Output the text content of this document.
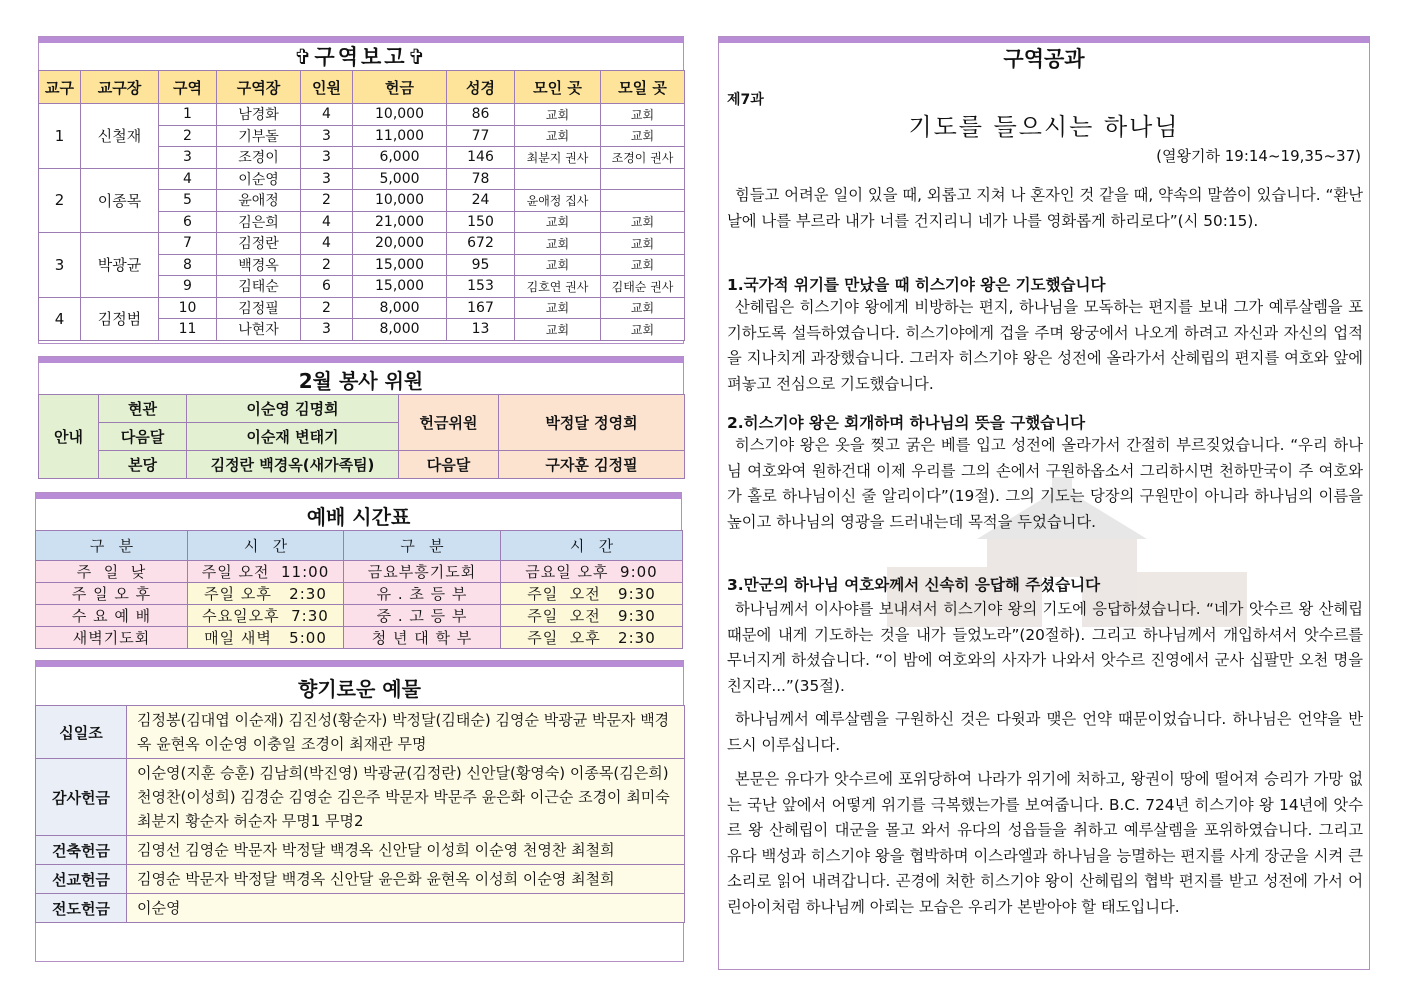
✞구역보고✞
교구	교구장	구역	구역장	인원	헌금	성경	모인 곳	모일 곳
1	신철재	1	남경화	4	10,000	86	교회	교회
		2	기부돌	3	11,000	77	교회	교회
		3	조경이	3	6,000	146	최분지 권사	조경이 권사
2	이종목	4	이순영	3	5,000	78		
		5	윤애정	2	10,000	24	윤애정 집사	
		6	김은희	4	21,000	150	교회	교회
3	박광균	7	김정란	4	20,000	672	교회	교회
		8	백경옥	2	15,000	95	교회	교회
		9	김태순	6	15,000	153	김호연 권사	김태순 권사
4	김정범	10	김정필	2	8,000	167	교회	교회
		11	나현자	3	8,000	13	교회	교회
2월 봉사 위원
안내	현관	이순영 김명희	헌금위원	박정달 정영희
	다음달	이순재 변태기		
	본당	김정란 백경옥(새가족팀)	다음달	구자훈 김정필
예배 시간표
구   분	시   간	구   분	시   간
주  일  낮	주일 오전  11:00	금요부흥기도회	금요일 오후  9:00
주 일 오 후	주일 오후   2:30	유 . 초 등 부	주일  오전   9:30
수 요 예 배	수요일오후  7:30	중 . 고 등 부	주일  오전   9:30
새벽기도회	매일 새벽   5:00	청 년 대 학 부	주일  오후   2:30
향기로운 예물
십일조	김정봉(김대엽 이순재) 김진성(황순자) 박정달(김태순) 김영순 박광균 박문자 백경옥 윤현옥 이순영 이충일 조경이 최재관 무명
감사헌금	이순영(지훈 승훈) 김남희(박진영) 박광균(김정란) 신안달(황영숙) 이종목(김은희) 천영찬(이성희) 김경순 김영순 김은주 박문자 박문주 윤은화 이근순 조경이 최미숙 최분지 황순자 허순자 무명1 무명2
건축헌금	김영선 김영순 박문자 박정달 백경옥 신안달 이성희 이순영 천영찬 최철희
선교헌금	김영순 박문자 박정달 백경옥 신안달 윤은화 윤현옥 이성희 이순영 최철희
전도헌금	이순영
구역공과
제7과
기도를 들으시는 하나님
(열왕기하 19:14~19,35~37)
힘들고 어려운 일이 있을 때, 외롭고 지쳐 나 혼자인 것 같을 때, 약속의 말씀이 있습니다. “환난 날에 나를 부르라 내가 너를 건지리니 네가 나를 영화롭게 하리로다”(시 50:15).
1.국가적 위기를 만났을 때 히스기야 왕은 기도했습니다
산헤립은 히스기야 왕에게 비방하는 편지, 하나님을 모독하는 편지를 보내 그가 예루살렘을 포기하도록 설득하였습니다. 히스기야에게 겁을 주며 왕궁에서 나오게 하려고 자신과 자신의 업적을 지나치게 과장했습니다. 그러자 히스기야 왕은 성전에 올라가서 산헤립의 편지를 여호와 앞에 펴놓고 전심으로 기도했습니다.
2.히스기야 왕은 회개하며 하나님의 뜻을 구했습니다
히스기야 왕은 옷을 찢고 굵은 베를 입고 성전에 올라가서 간절히 부르짖었습니다. “우리 하나님 여호와여 원하건대 이제 우리를 그의 손에서 구원하옵소서 그리하시면 천하만국이 주 여호와가 홀로 하나님이신 줄 알리이다”(19절). 그의 기도는 당장의 구원만이 아니라 하나님의 이름을 높이고 하나님의 영광을 드러내는데 목적을 두었습니다.
3.만군의 하나님 여호와께서 신속히 응답해 주셨습니다
하나님께서 이사야를 보내셔서 히스기야 왕의 기도에 응답하셨습니다. “네가 앗수르 왕 산헤립 때문에 내게 기도하는 것을 내가 들었노라”(20절하). 그리고 하나님께서 개입하셔서 앗수르를 무너지게 하셨습니다. “이 밤에 여호와의 사자가 나와서 앗수르 진영에서 군사 십팔만 오천 명을 친지라...”(35절).
하나님께서 예루살렘을 구원하신 것은 다윗과 맺은 언약 때문이었습니다. 하나님은 언약을 반드시 이루십니다.
본문은 유다가 앗수르에 포위당하여 나라가 위기에 처하고, 왕권이 땅에 떨어져 승리가 가망 없는 국난 앞에서 어떻게 위기를 극복했는가를 보여줍니다. B.C. 724년 히스기야 왕 14년에 앗수르 왕 산헤립이 대군을 몰고 와서 유다의 성읍들을 취하고 예루살렘을 포위하였습니다. 그리고 유다 백성과 히스기야 왕을 협박하며 이스라엘과 하나님을 능멸하는 편지를 사게 장군을 시켜 큰 소리로 읽어 내려갑니다. 곤경에 처한 히스기야 왕이 산헤립의 협박 편지를 받고 성전에 가서 어린아이처럼 하나님께 아뢰는 모습은 우리가 본받아야 할 태도입니다.
